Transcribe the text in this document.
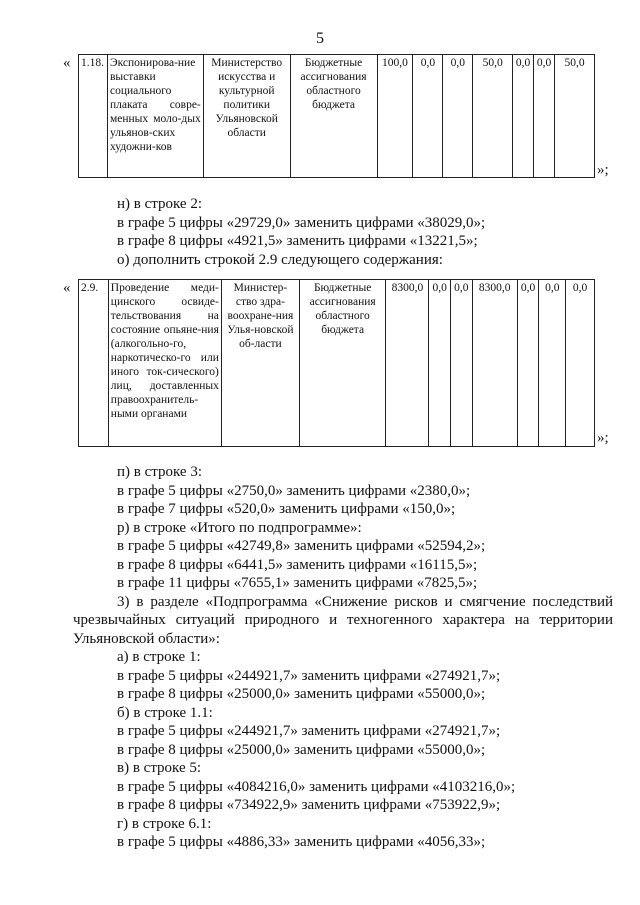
5
« 1.18.	Экспонирова-ние выставки социального плаката совре-менных моло-дых ульянов-ских художни-ков	Министерство искусства и культурной политики Ульяновской области	Бюджетные ассигнования областного бюджета	100,0	0,0	0,0	50,0	0,0	0,0	50,0
»;
н) в строке 2:
в графе 5 цифры «29729,0» заменить цифрами «38029,0»;
в графе 8 цифры «4921,5» заменить цифрами «13221,5»;
о) дополнить строкой 2.9 следующего содержания:
« 2.9.	Проведение меди-цинского освиде-тельствования на состояние опьяне-ния (алкогольно-го, наркотическо-го или иного ток-сического) лиц, доставленных правоохранитель-ными органами	Министер-ство здра-воохране-ния Улья-новской об-ласти	Бюджетные ассигнования областного бюджета	8300,0	0,0	0,0	8300,0	0,0	0,0	0,0
»;
п) в строке 3:
в графе 5 цифры «2750,0» заменить цифрами «2380,0»;
в графе 7 цифры «520,0» заменить цифрами «150,0»;
р) в строке «Итого по подпрограмме»:
в графе 5 цифры «42749,8» заменить цифрами «52594,2»;
в графе 8 цифры «6441,5» заменить цифрами «16115,5»;
в графе 11 цифры «7655,1» заменить цифрами «7825,5»;
3) в разделе «Подпрограмма «Снижение рисков и смягчение последствий чрезвычайных ситуаций природного и техногенного характера на территории Ульяновской области»:
а) в строке 1:
в графе 5 цифры «244921,7» заменить цифрами «274921,7»;
в графе 8 цифры «25000,0» заменить цифрами «55000,0»;
б) в строке 1.1:
в графе 5 цифры «244921,7» заменить цифрами «274921,7»;
в графе 8 цифры «25000,0» заменить цифрами «55000,0»;
в) в строке 5:
в графе 5 цифры «4084216,0» заменить цифрами «4103216,0»;
в графе 8 цифры «734922,9» заменить цифрами «753922,9»;
г) в строке 6.1:
в графе 5 цифры «4886,33» заменить цифрами «4056,33»;
